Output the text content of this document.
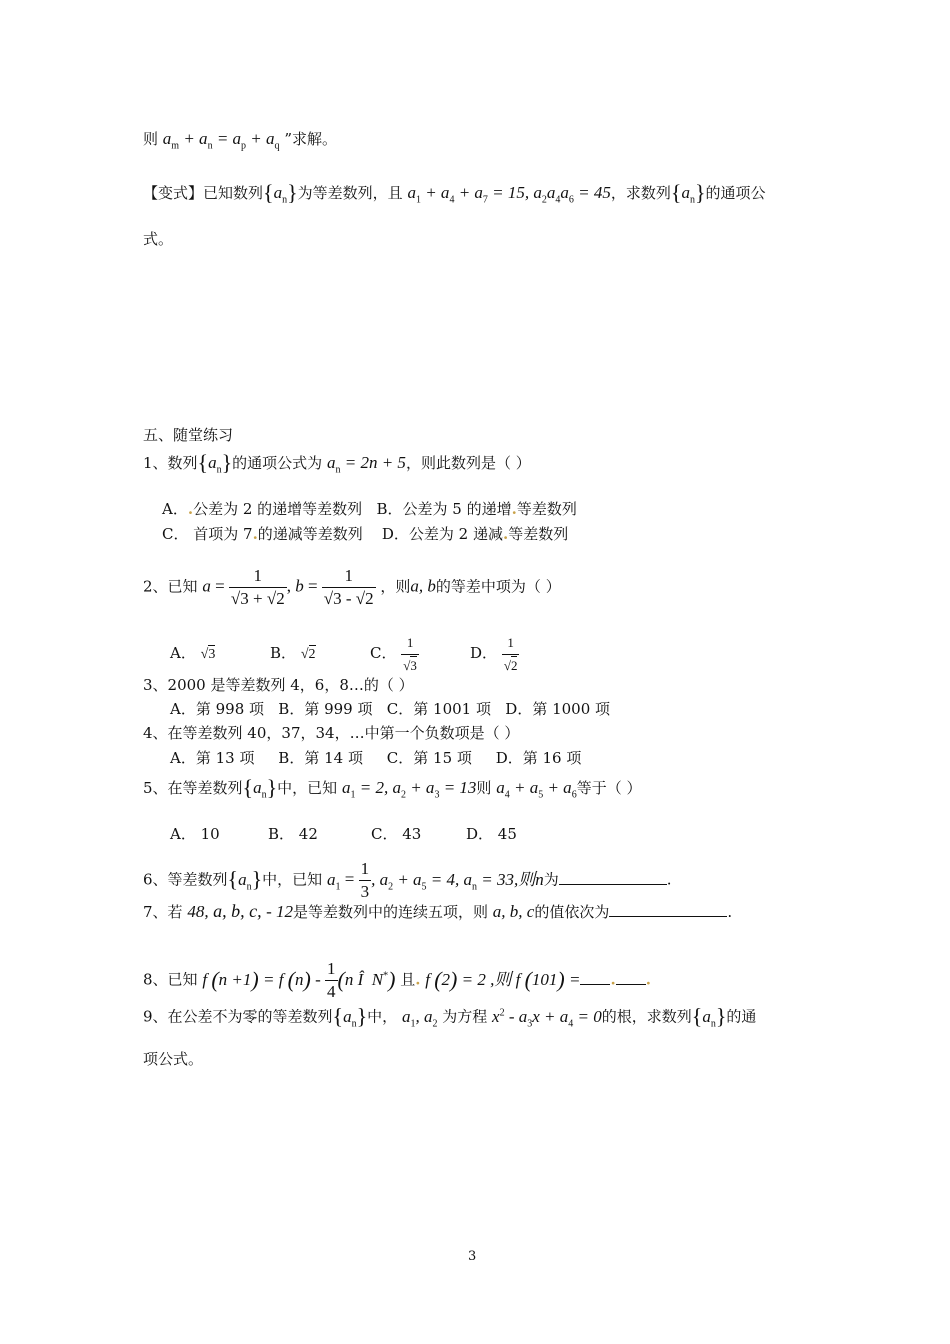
则 $a_m + a_n = a_p + a_q$ ”求解。
【变式】已知数列$\{a_n\}$为等差数列，且 $a_1 + a_4 + a_7 = 15$, $a_2a_4a_6 = 45$，求数列$\{a_n\}$的通项公
式。
五、随堂练习
1、数列$\{a_n\}$的通项公式为 $a_n = 2n + 5$，则此数列是（ ）
A．.公差为 2 的递增等差数列 B．公差为 5 的递增.等差数列
C． 首项为 7.的递减等差数列 D．公差为 2 递减.等差数列
2、已知 $a = \frac{1}{√3 + √2}$ , $b = \frac{1}{√3 - √2}$ ，则a, b的等差中项为（ ）
A． √3	B． √2	C． $\frac{1}{√3}$	D． $\frac{1}{√2}$
3、2000 是等差数列 4，6，8…的（ ）
A．第 998 项   B．第 999 项   C．第 1001 项   D．第 1000 项
4、在等差数列 40，37，34，…中第一个负数项是（ ）
A．第 13 项     B．第 14 项     C．第 15 项     D．第 16 项
5、在等差数列$\{a_n\}$中，已知 $a_1 = 2$, $a_2 + a_3 = 13$则 $a_4 + a_5 + a_6$等于（ ）
A． 10	B． 42	C． 43	D． 45
6、等差数列$\{a_n\}$中，已知 $a_1 = \frac{1}{3}$ , $a_2 + a_5 = 4$, $a_n = 33$,则n为	.
7、若 48, a, b, c, - 12是等差数列中的连续五项，则 a, b, c的值依次为	.
8、已知 f (n +1) = f $(n) - \frac{1}{4} (n$ Î  N*) 且. f (2) = 2 ,则 f (101) = . .
9、在公差不为零的等差数列$\{a_n\}$中， $a_1$, $a_2$ 为方程 $x^2 - a_3x + a_4 = 0$的根，求数列$\{a_n\}$的通
项公式。
3
